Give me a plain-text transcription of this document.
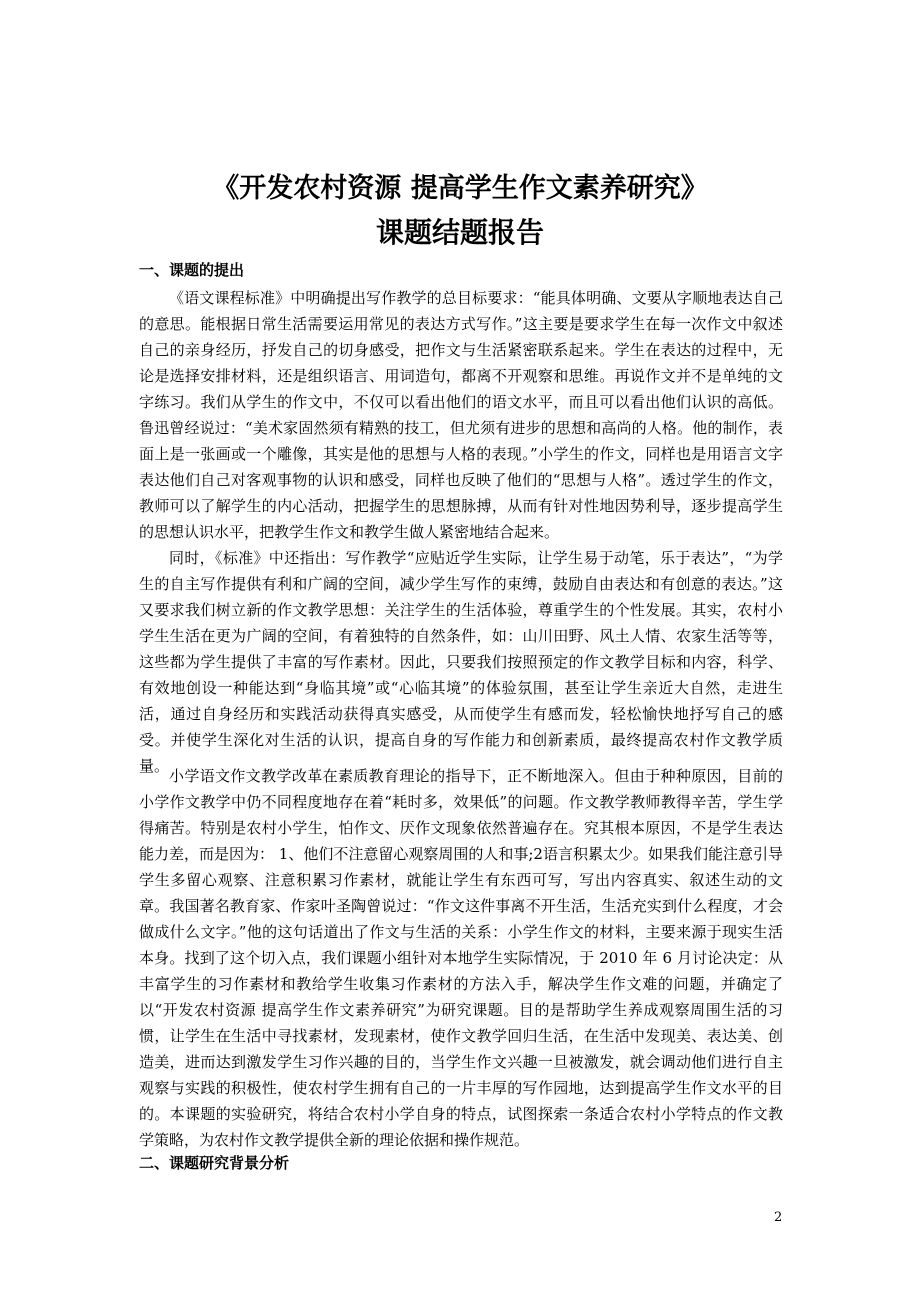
《开发农村资源 提高学生作文素养研究》
课题结题报告
一、课题的提出

《语文课程标准》中明确提出写作教学的总目标要求：“能具体明确、文要从字顺地表达自己的意思。能根据日常生活需要运用常见的表达方式写作。”这主要是要求学生在每一次作文中叙述自己的亲身经历，抒发自己的切身感受，把作文与生活紧密联系起来。学生在表达的过程中，无论是选择安排材料，还是组织语言、用词造句，都离不开观察和思维。再说作文并不是单纯的文字练习。我们从学生的作文中，不仅可以看出他们的语文水平，而且可以看出他们认识的高低。鲁迅曾经说过：“美术家固然须有精熟的技工，但尤须有进步的思想和高尚的人格。他的制作，表面上是一张画或一个雕像，其实是他的思想与人格的表现。”小学生的作文，同样也是用语言文字表达他们自己对客观事物的认识和感受，同样也反映了他们的“思想与人格”。透过学生的作文，教师可以了解学生的内心活动，把握学生的思想脉搏，从而有针对性地因势利导，逐步提高学生的思想认识水平，把教学生作文和教学生做人紧密地结合起来。

同时，《标准》中还指出：写作教学“应贴近学生实际，让学生易于动笔，乐于表达”，“为学生的自主写作提供有利和广阔的空间，减少学生写作的束缚，鼓励自由表达和有创意的表达。”这又要求我们树立新的作文教学思想：关注学生的生活体验，尊重学生的个性发展。其实，农村小学生生活在更为广阔的空间，有着独特的自然条件，如：山川田野、风土人情、农家生活等等，这些都为学生提供了丰富的写作素材。因此，只要我们按照预定的作文教学目标和内容，科学、有效地创设一种能达到“身临其境”或“心临其境”的体验氛围，甚至让学生亲近大自然，走进生活，通过自身经历和实践活动获得真实感受，从而使学生有感而发，轻松愉快地抒写自己的感受。并使学生深化对生活的认识，提高自身的写作能力和创新素质，最终提高农村作文教学质量。

小学语文作文教学改革在素质教育理论的指导下，正不断地深入。但由于种种原因，目前的小学作文教学中仍不同程度地存在着“耗时多，效果低”的问题。作文教学教师教得辛苦，学生学得痛苦。特别是农村小学生，怕作文、厌作文现象依然普遍存在。究其根本原因，不是学生表达能力差，而是因为： 1、他们不注意留心观察周围的人和事;2语言积累太少。如果我们能注意引导学生多留心观察、注意积累习作素材，就能让学生有东西可写，写出内容真实、叙述生动的文章。我国著名教育家、作家叶圣陶曾说过：“作文这件事离不开生活，生活充实到什么程度，才会做成什么文字。”他的这句话道出了作文与生活的关系：小学生作文的材料，主要来源于现实生活本身。找到了这个切入点，我们课题小组针对本地学生实际情况，于 2010 年 6 月讨论决定：从丰富学生的习作素材和教给学生收集习作素材的方法入手，解决学生作文难的问题，并确定了以“开发农村资源 提高学生作文素养研究”为研究课题。目的是帮助学生养成观察周围生活的习惯，让学生在生活中寻找素材，发现素材，使作文教学回归生活，在生活中发现美、表达美、创造美，进而达到激发学生习作兴趣的目的，当学生作文兴趣一旦被激发，就会调动他们进行自主观察与实践的积极性，使农村学生拥有自己的一片丰厚的写作园地，达到提高学生作文水平的目的。本课题的实验研究，将结合农村小学自身的特点，试图探索一条适合农村小学特点的作文教学策略，为农村作文教学提供全新的理论依据和操作规范。

二、课题研究背景分析
2
